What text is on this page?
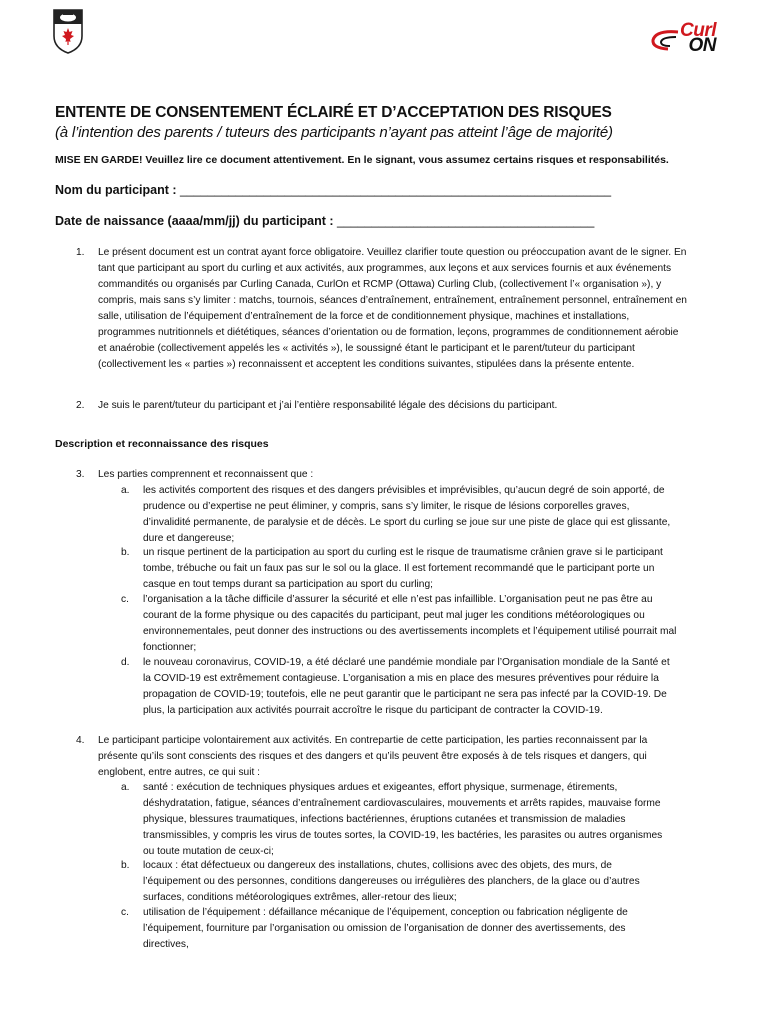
Curl
ON
ENTENTE DE CONSENTEMENT ÉCLAIRÉ ET D’ACCEPTATION DES RISQUES
(à l’intention des parents / tuteurs des participants n’ayant pas atteint l’âge de majorité)
MISE EN GARDE! Veuillez lire ce document attentivement. En le signant, vous assumez certains risques et responsabilités.
Nom du participant : ______________________________________________________________
Date de naissance (aaaa/mm/jj) du participant : _____________________________________
1. Le présent document est un contrat ayant force obligatoire. Veuillez clarifier toute question ou préoccupation avant de le signer. En tant que participant au sport du curling et aux activités, aux programmes, aux leçons et aux services fournis et aux événements commandités ou organisés par Curling Canada, CurlOn et RCMP (Ottawa) Curling Club, (collectivement l’« organisation »), y compris, mais sans s’y limiter : matchs, tournois, séances d’entraînement, entraînement, entraînement personnel, entraînement en salle, utilisation de l’équipement d’entraînement de la force et de conditionnement physique, machines et installations, programmes nutritionnels et diététiques, séances d’orientation ou de formation, leçons, programmes de conditionnement aérobie et anaérobie (collectivement appelés les « activités »), le soussigné étant le participant et le parent/tuteur du participant (collectivement les « parties ») reconnaissent et acceptent les conditions suivantes, stipulées dans la présente entente.
2. Je suis le parent/tuteur du participant et j’ai l’entière responsabilité légale des décisions du participant.
Description et reconnaissance des risques
3. Les parties comprennent et reconnaissent que :
a. les activités comportent des risques et des dangers prévisibles et imprévisibles, qu’aucun degré de soin apporté, de prudence ou d’expertise ne peut éliminer, y compris, sans s’y limiter, le risque de lésions corporelles graves, d’invalidité permanente, de paralysie et de décès. Le sport du curling se joue sur une piste de glace qui est glissante, dure et dangereuse;
b. un risque pertinent de la participation au sport du curling est le risque de traumatisme crânien grave si le participant tombe, trébuche ou fait un faux pas sur le sol ou la glace. Il est fortement recommandé que le participant porte un casque en tout temps durant sa participation au sport du curling;
c. l’organisation a la tâche difficile d’assurer la sécurité et elle n’est pas infaillible. L’organisation peut ne pas être au courant de la forme physique ou des capacités du participant, peut mal juger les conditions météorologiques ou environnementales, peut donner des instructions ou des avertissements incomplets et l’équipement utilisé pourrait mal fonctionner;
d. le nouveau coronavirus, COVID-19, a été déclaré une pandémie mondiale par l’Organisation mondiale de la Santé et la COVID-19 est extrêmement contagieuse. L’organisation a mis en place des mesures préventives pour réduire la propagation de COVID-19; toutefois, elle ne peut garantir que le participant ne sera pas infecté par la COVID-19. De plus, la participation aux activités pourrait accroître le risque du participant de contracter la COVID-19.
4. Le participant participe volontairement aux activités. En contrepartie de cette participation, les parties reconnaissent par la présente qu’ils sont conscients des risques et des dangers et qu’ils peuvent être exposés à de tels risques et dangers, qui englobent, entre autres, ce qui suit :
a. santé : exécution de techniques physiques ardues et exigeantes, effort physique, surmenage, étirements, déshydratation, fatigue, séances d’entraînement cardiovasculaires, mouvements et arrêts rapides, mauvaise forme physique, blessures traumatiques, infections bactériennes, éruptions cutanées et transmission de maladies transmissibles, y compris les virus de toutes sortes, la COVID-19, les bactéries, les parasites ou autres organismes ou toute mutation de ceux-ci;
b. locaux : état défectueux ou dangereux des installations, chutes, collisions avec des objets, des murs, de l’équipement ou des personnes, conditions dangereuses ou irrégulières des planchers, de la glace ou d’autres surfaces, conditions météorologiques extrêmes, aller-retour des lieux;
c. utilisation de l’équipement : défaillance mécanique de l’équipement, conception ou fabrication négligente de l’équipement, fourniture par l’organisation ou omission de l’organisation de donner des avertissements, des directives,
